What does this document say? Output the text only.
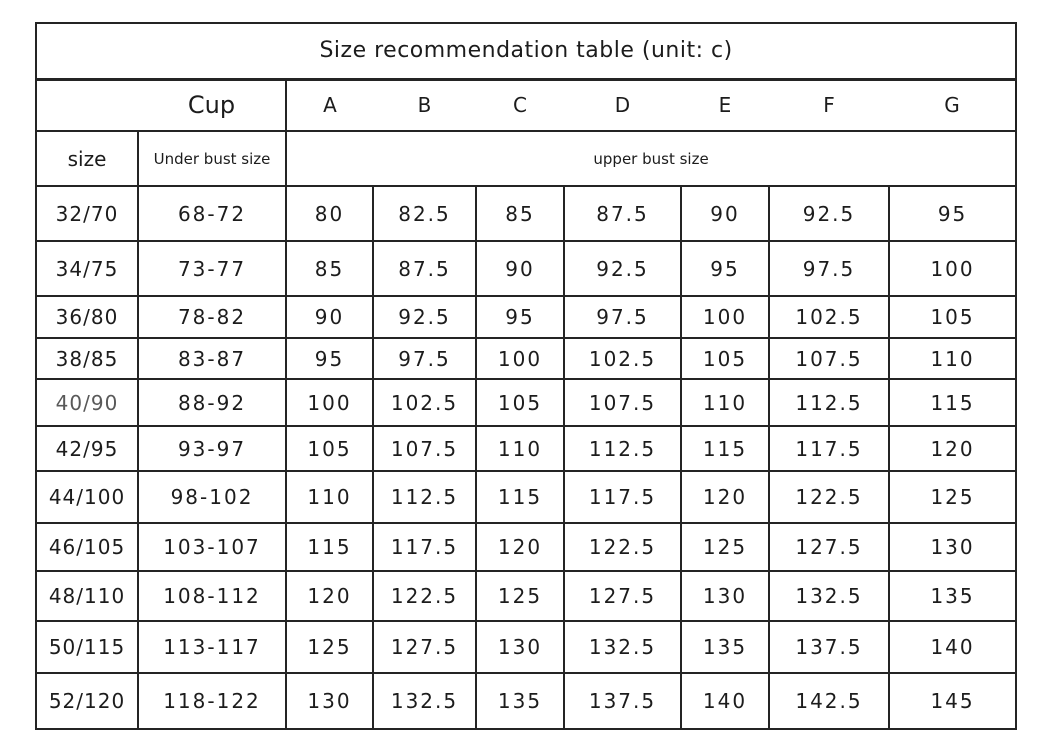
Size recommendation table (unit: c)								
	Cup	A	B	C	D	E	F	G
size	Under bust size	upper bust size						
32/70	68-72	80	82.5	85	87.5	90	92.5	95
34/75	73-77	85	87.5	90	92.5	95	97.5	100
36/80	78-82	90	92.5	95	97.5	100	102.5	105
38/85	83-87	95	97.5	100	102.5	105	107.5	110
40/90	88-92	100	102.5	105	107.5	110	112.5	115
42/95	93-97	105	107.5	110	112.5	115	117.5	120
44/100	98-102	110	112.5	115	117.5	120	122.5	125
46/105	103-107	115	117.5	120	122.5	125	127.5	130
48/110	108-112	120	122.5	125	127.5	130	132.5	135
50/115	113-117	125	127.5	130	132.5	135	137.5	140
52/120	118-122	130	132.5	135	137.5	140	142.5	145
